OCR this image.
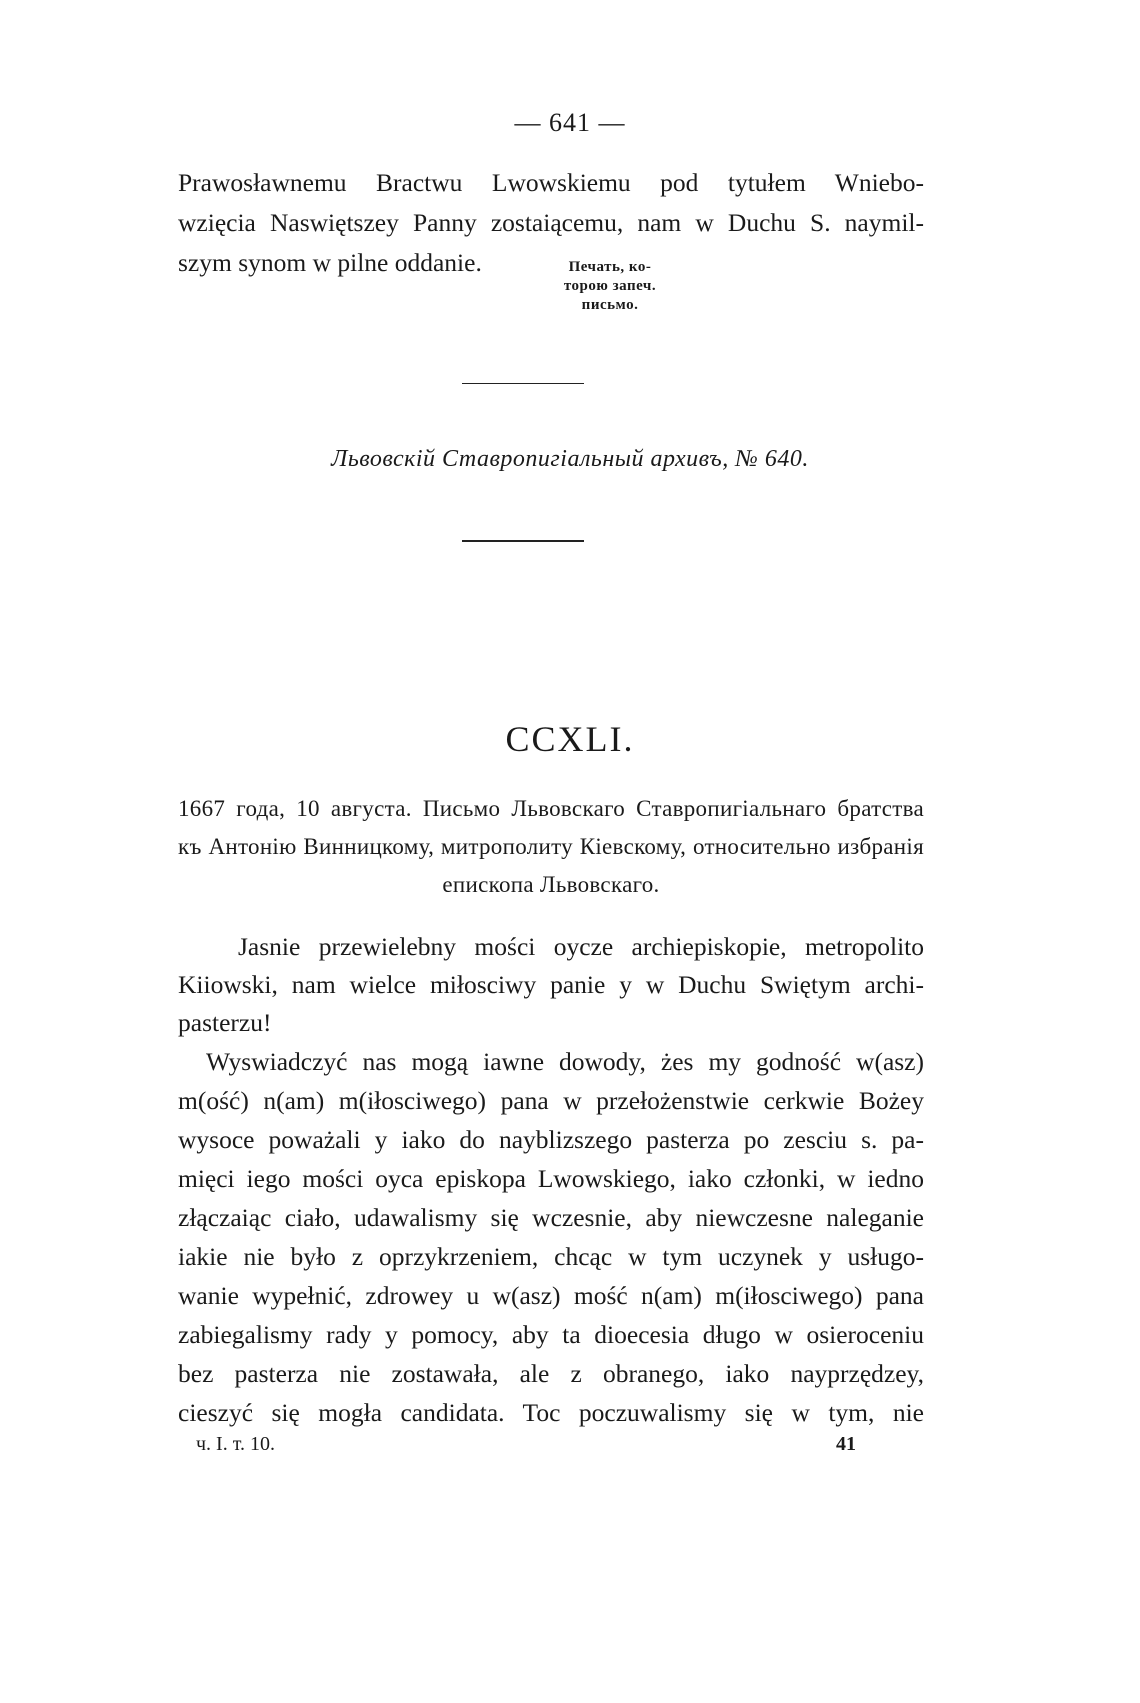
— 641 —
Prawosławnemu Bractwu Lwowskiemu pod tytułem Wniebo-
wzięcia Naswiętszey Panny zostaiącemu, nam w Duchu S. naymil-
szym synom w pilne oddanie.	Печать, ко-
торою запеч.
письмо.
Львовскій Ставропигіальный архивъ, № 640.
CCXLI.
1667 года, 10 августа. Письмо Львовскаго Ставропигіальнаго братства
къ Антонію Винницкому, митрополиту Кіевскому, относительно избранія
епископа Львовскаго.
Jasnie przewielebny mości oycze archiepiskopie, metropolito
Kiiowski, nam wielce miłosciwy panie y w Duchu Swiętym archi-
pasterzu!
Wyswiadczyć nas mogą iawne dowody, żes my godność w(asz)
m(ość) n(am) m(iłosciwego) pana w przełożenstwie cerkwie Bożey
wysoce poważali y iako do nayblizszego pasterza po zesciu s. pa-
mięci iego mości oyca episkopa Lwowskiego, iako członki, w iedno
złączaiąc ciało, udawalismy się wczesnie, aby niewczesne naleganie
iakie nie było z oprzykrzeniem, chcąc w tym uczynek y usługo-
wanie wypełnić, zdrowey u w(asz) mość n(am) m(iłosciwego) pana
zabiegalismy rady y pomocy, aby ta dioecesia długo w osieroceniu
bez pasterza nie zostawała, ale z obranego, iako nayprzędzey,
cieszyć się mogła candidata. Toc poczuwalismy się w tym, nie
ч. I. т. 10.	41
